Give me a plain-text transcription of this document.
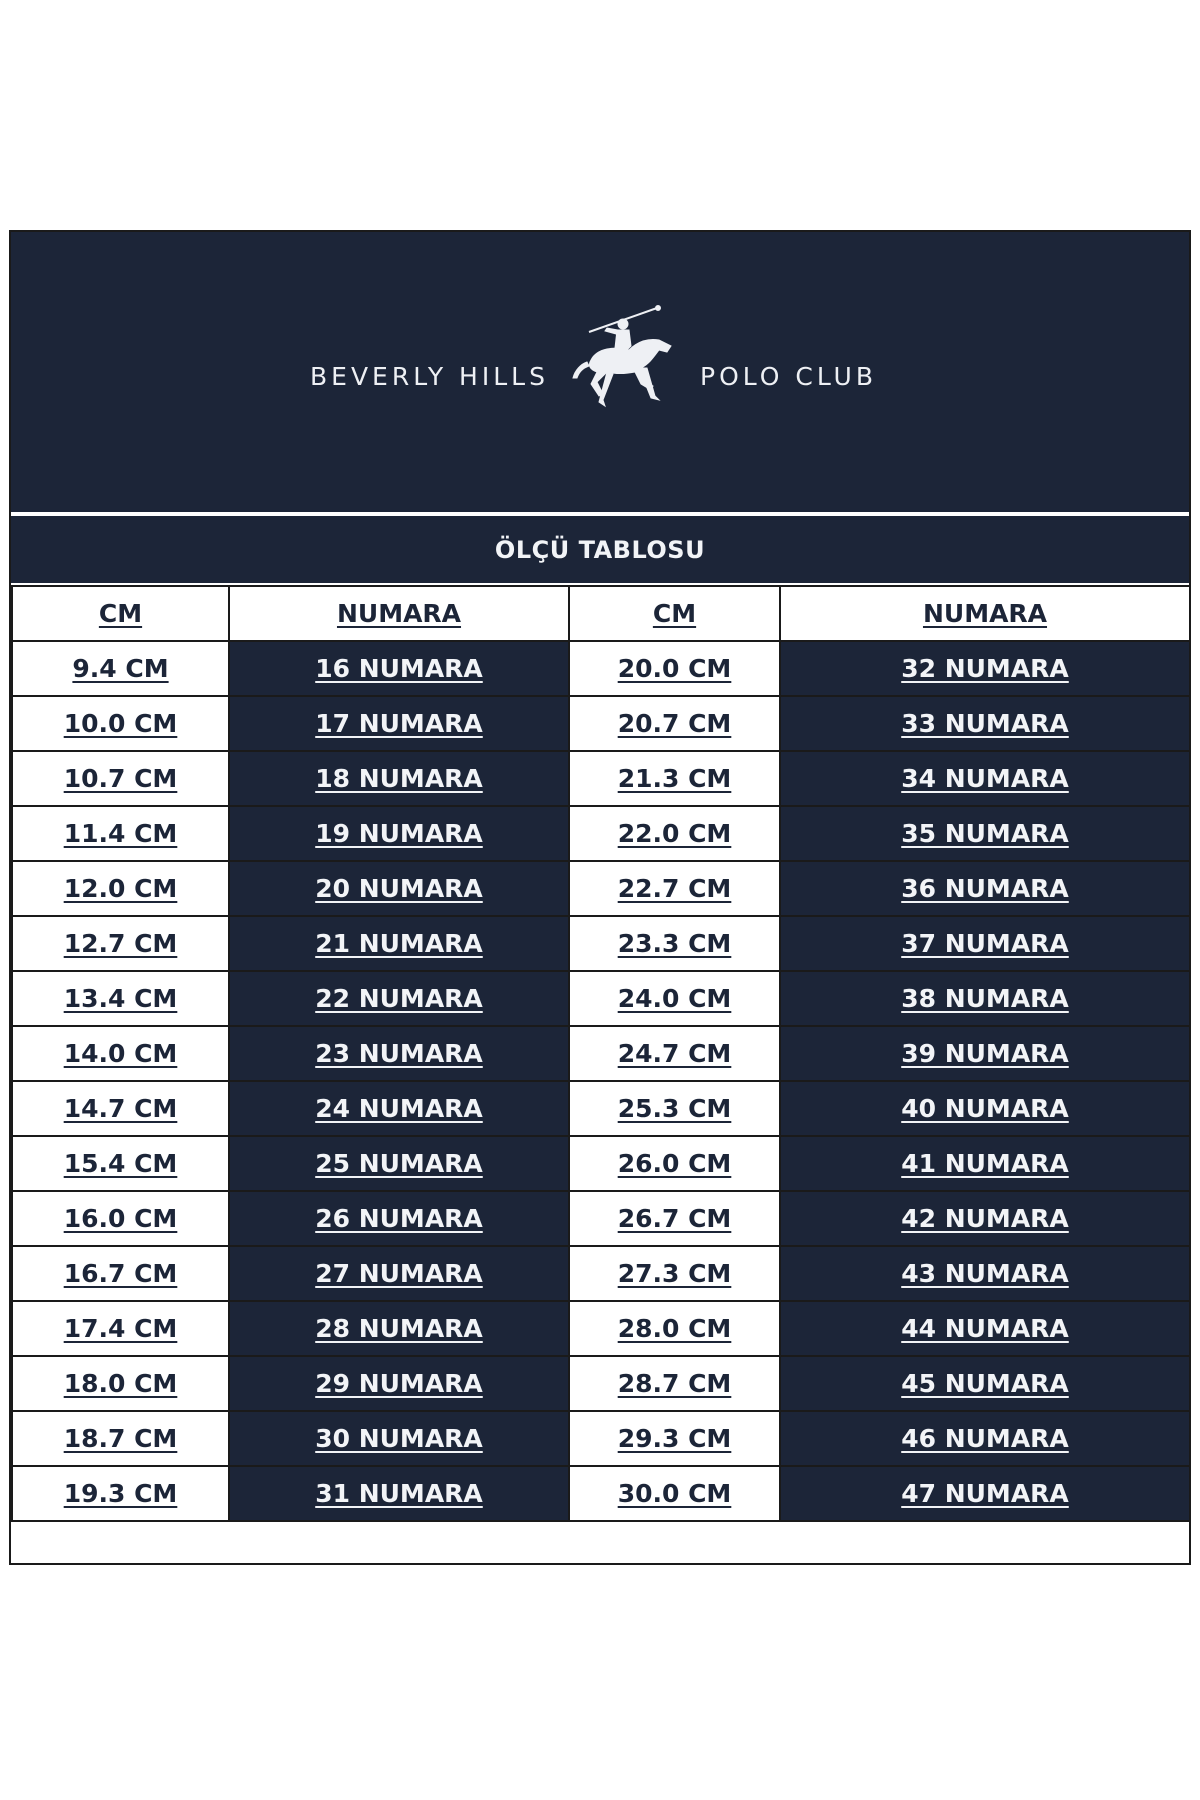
BEVERLY HILLS	POLO CLUB
ÖLÇÜ TABLOSU
CM	NUMARA	CM	NUMARA
9.4 CM	16 NUMARA	20.0 CM	32 NUMARA
10.0 CM	17 NUMARA	20.7 CM	33 NUMARA
10.7 CM	18 NUMARA	21.3 CM	34 NUMARA
11.4 CM	19 NUMARA	22.0 CM	35 NUMARA
12.0 CM	20 NUMARA	22.7 CM	36 NUMARA
12.7 CM	21 NUMARA	23.3 CM	37 NUMARA
13.4 CM	22 NUMARA	24.0 CM	38 NUMARA
14.0 CM	23 NUMARA	24.7 CM	39 NUMARA
14.7 CM	24 NUMARA	25.3 CM	40 NUMARA
15.4 CM	25 NUMARA	26.0 CM	41 NUMARA
16.0 CM	26 NUMARA	26.7 CM	42 NUMARA
16.7 CM	27 NUMARA	27.3 CM	43 NUMARA
17.4 CM	28 NUMARA	28.0 CM	44 NUMARA
18.0 CM	29 NUMARA	28.7 CM	45 NUMARA
18.7 CM	30 NUMARA	29.3 CM	46 NUMARA
19.3 CM	31 NUMARA	30.0 CM	47 NUMARA
